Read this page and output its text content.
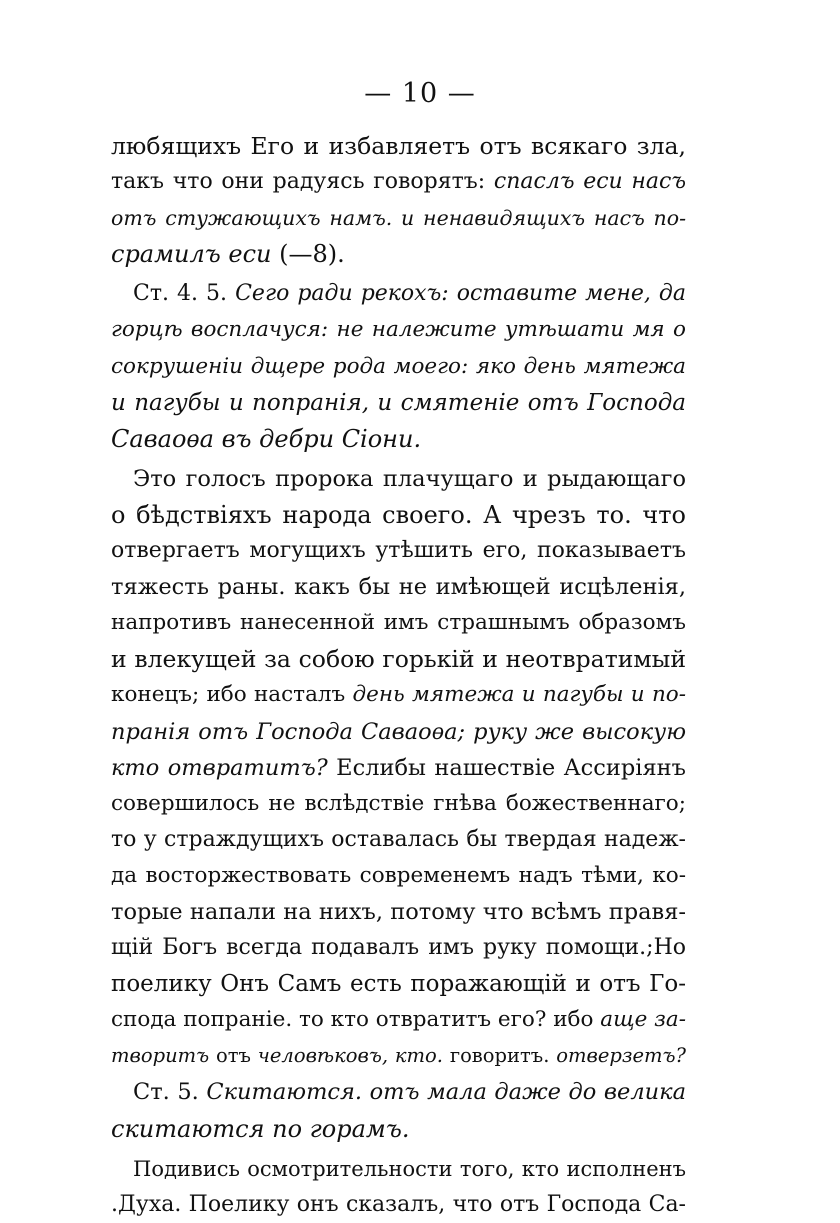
— 10 —
любящихъ Его и избавляетъ отъ всякаго зла,
такъ что они радуясь говорятъ: спаслъ еси насъ
отъ стужающихъ намъ. и ненавидящихъ насъ по-
срамилъ еси (—8).
Ст. 4. 5. Сего ради рекохъ: оставите мене, да
горцѣ восплачуся: не належите утѣшати мя о
сокрушеніи дщере рода моего: яко день мятежа
и пагубы и попранія, и смятеніе отъ Господа
Саваоѳа въ дебри Сіони.
Это голосъ пророка плачущаго и рыдающаго
о бѣдствіяхъ народа своего. А чрезъ то. что
отвергаетъ могущихъ утѣшить его, показываетъ
тяжесть раны. какъ бы не имѣющей исцѣленія,
напротивъ нанесенной имъ страшнымъ образомъ
и влекущей за собою горькій и неотвратимый
конецъ; ибо насталъ день мятежа и пагубы и по-
пранія отъ Господа Саваоѳа; руку же высокую
кто отвратитъ? Еслибы нашествіе Ассиріянъ
совершилось не вслѣдствіе гнѣва божественнаго;
то у страждущихъ оставалась бы твердая надеж-
да восторжествовать современемъ надъ тѣми, ко-
торые напали на нихъ, потому что всѣмъ правя-
щій Богъ всегда подавалъ имъ руку помощи.;Но
поелику Онъ Самъ есть поражающій и отъ Го-
спода попраніе. то кто отвратитъ его? ибо аще за-
творитъ отъ человѣковъ, кто. говоритъ. отверзетъ?
Ст. 5. Скитаются. отъ мала даже до велика
скитаются по горамъ.
Подивись осмотрительности того, кто исполненъ
.Духа. Поелику онъ сказалъ, что отъ Господа Са-
